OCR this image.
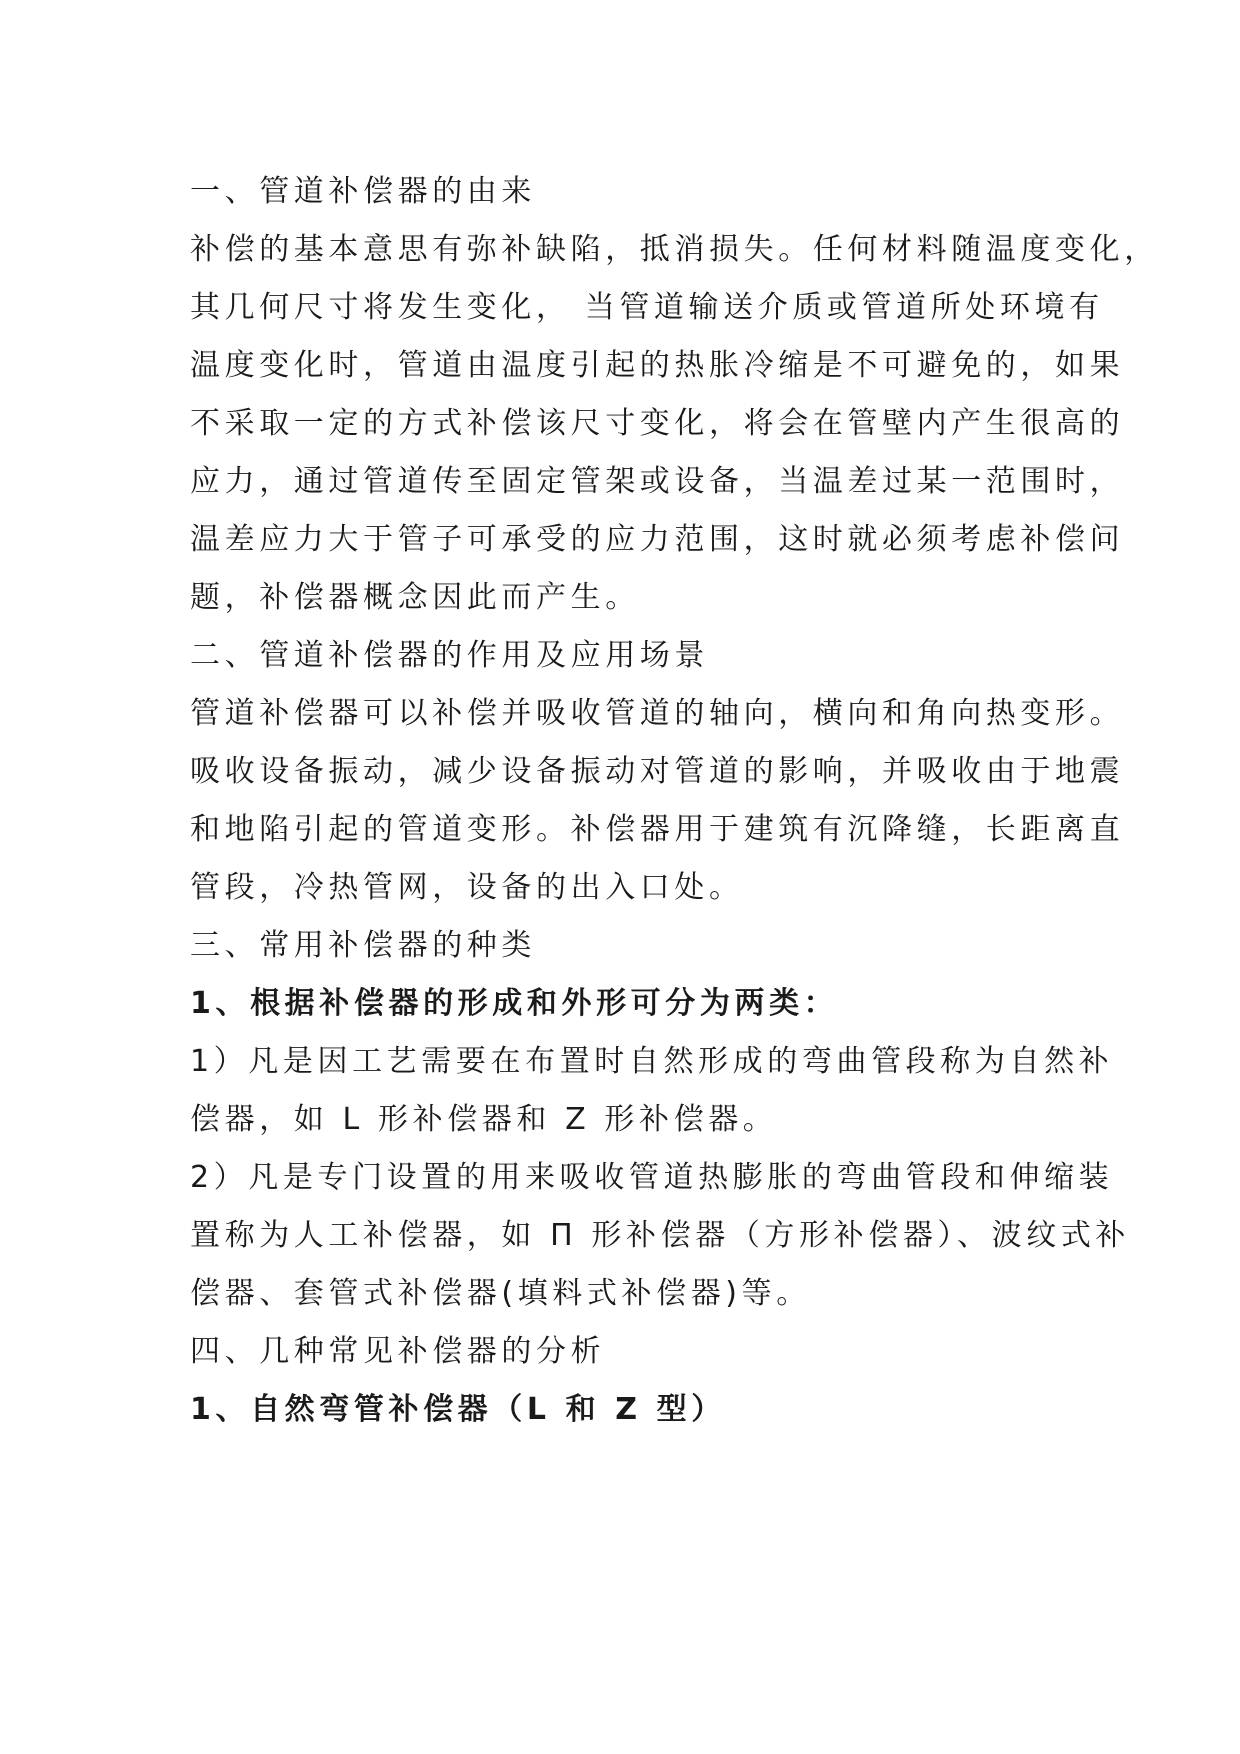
一、管道补偿器的由来
补偿的基本意思有弥补缺陷，抵消损失。任何材料随温度变化，
其几何尺寸将发生变化， 当管道输送介质或管道所处环境有
温度变化时，管道由温度引起的热胀冷缩是不可避免的，如果
不采取一定的方式补偿该尺寸变化，将会在管壁内产生很高的
应力，通过管道传至固定管架或设备，当温差过某一范围时，
温差应力大于管子可承受的应力范围，这时就必须考虑补偿问
题，补偿器概念因此而产生。
二、管道补偿器的作用及应用场景
管道补偿器可以补偿并吸收管道的轴向，横向和角向热变形。
吸收设备振动，减少设备振动对管道的影响，并吸收由于地震
和地陷引起的管道变形。补偿器用于建筑有沉降缝，长距离直
管段，冷热管网，设备的出入口处。
三、常用补偿器的种类
1、根据补偿器的形成和外形可分为两类：
1）凡是因工艺需要在布置时自然形成的弯曲管段称为自然补
偿器，如 L 形补偿器和 Z 形补偿器。
2）凡是专门设置的用来吸收管道热膨胀的弯曲管段和伸缩装
置称为人工补偿器，如 Π 形补偿器（方形补偿器）、波纹式补
偿器、套管式补偿器(填料式补偿器)等。
四、几种常见补偿器的分析
1、自然弯管补偿器（L 和 Z 型）
